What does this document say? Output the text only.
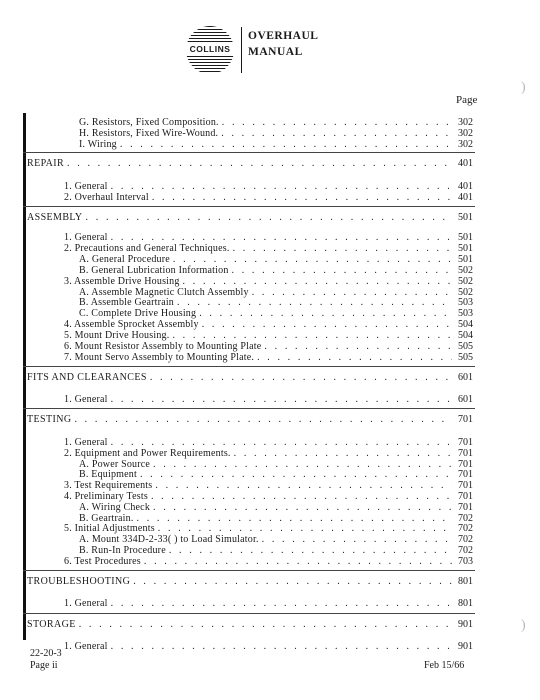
COLLINS
OVERHAUL
MANUAL
Page
G. Resistors, Fixed Composition. . . .	302
H. Resistors, Fixed Wire-Wound. . . .	302
I. Wiring . . .	302
REPAIR . . .	401
1. General . . .	401
2. Overhaul Interval . . .	401
ASSEMBLY . . .	501
1. General . . .	501
2. Precautions and General Techniques. . . .	501
A. General Procedure . . .	501
B. General Lubrication Information . . .	502
3. Assemble Drive Housing . . .	502
A. Assemble Magnetic Clutch Assembly . . .	502
B. Assemble Geartrain . . .	503
C. Complete Drive Housing . . .	503
4. Assemble Sprocket Assembly . . .	504
5. Mount Drive Housing. . . .	504
6. Mount Resistor Assembly to Mounting Plate . . .	505
7. Mount Servo Assembly to Mounting Plate. . . .	505
FITS AND CLEARANCES . . .	601
1. General . . .	601
TESTING . . .	701
1. General . . .	701
2. Equipment and Power Requirements. . . .	701
A. Power Source . . .	701
B. Equipment . . .	701
3. Test Requirements . . .	701
4. Preliminary Tests . . .	701
A. Wiring Check . . .	701
B. Geartrain. . . .	702
5. Initial Adjustments . . .	702
A. Mount 334D-2-33( ) to Load Simulator. . . .	702
B. Run-In Procedure . . .	702
6. Test Procedures . . .	703
TROUBLESHOOTING . . .	801
1. General . . .	801
STORAGE . . .	901
1. General . . .	901
22-20-3
Page ii	Feb 15/66
)
)
